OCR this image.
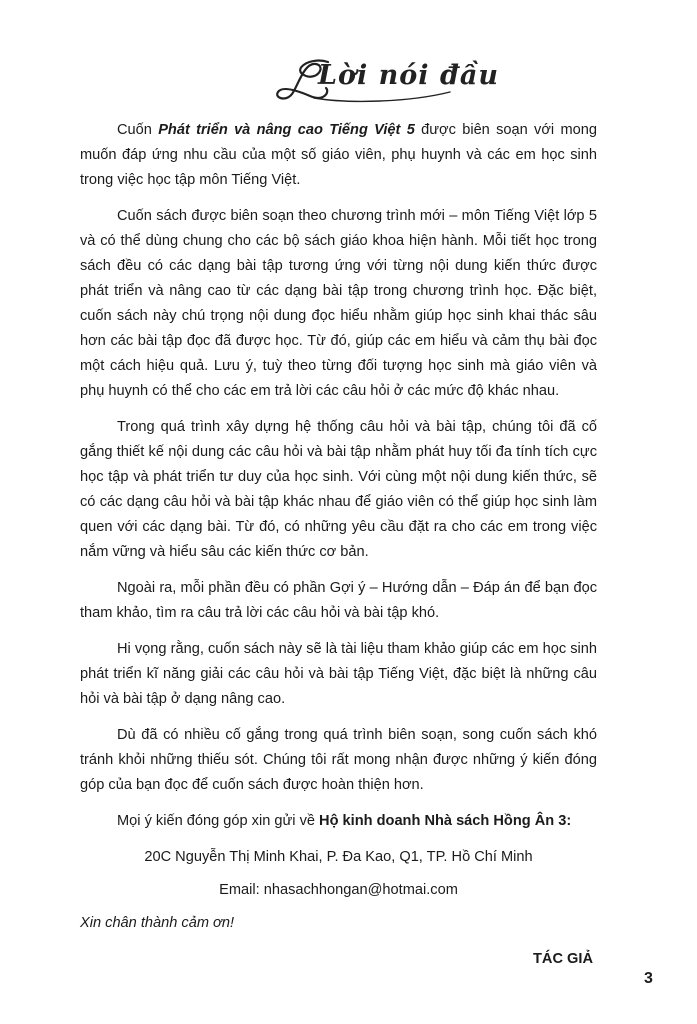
Lời nói đầu

Cuốn Phát triển và nâng cao Tiếng Việt 5 được biên soạn với mong muốn đáp ứng nhu cầu của một số giáo viên, phụ huynh và các em học sinh trong việc học tập môn Tiếng Việt.

Cuốn sách được biên soạn theo chương trình mới – môn Tiếng Việt lớp 5 và có thể dùng chung cho các bộ sách giáo khoa hiện hành. Mỗi tiết học trong sách đều có các dạng bài tập tương ứng với từng nội dung kiến thức được phát triển và nâng cao từ các dạng bài tập trong chương trình học. Đặc biệt, cuốn sách này chú trọng nội dung đọc hiểu nhằm giúp học sinh khai thác sâu hơn các bài tập đọc đã được học. Từ đó, giúp các em hiểu và cảm thụ bài đọc một cách hiệu quả. Lưu ý, tuỳ theo từng đối tượng học sinh mà giáo viên và phụ huynh có thể cho các em trả lời các câu hỏi ở các mức độ khác nhau.

Trong quá trình xây dựng hệ thống câu hỏi và bài tập, chúng tôi đã cố gắng thiết kế nội dung các câu hỏi và bài tập nhằm phát huy tối đa tính tích cực học tập và phát triển tư duy của học sinh. Với cùng một nội dung kiến thức, sẽ có các dạng câu hỏi và bài tập khác nhau để giáo viên có thể giúp học sinh làm quen với các dạng bài. Từ đó, có những yêu cầu đặt ra cho các em trong việc nắm vững và hiểu sâu các kiến thức cơ bản.

Ngoài ra, mỗi phần đều có phần Gợi ý – Hướng dẫn – Đáp án để bạn đọc tham khảo, tìm ra câu trả lời các câu hỏi và bài tập khó.

Hi vọng rằng, cuốn sách này sẽ là tài liệu tham khảo giúp các em học sinh phát triển kĩ năng giải các câu hỏi và bài tập Tiếng Việt, đặc biệt là những câu hỏi và bài tập ở dạng nâng cao.

Dù đã có nhiều cố gắng trong quá trình biên soạn, song cuốn sách khó tránh khỏi những thiếu sót. Chúng tôi rất mong nhận được những ý kiến đóng góp của bạn đọc để cuốn sách được hoàn thiện hơn.

Mọi ý kiến đóng góp xin gửi về Hộ kinh doanh Nhà sách Hồng Ân 3:

20C Nguyễn Thị Minh Khai, P. Đa Kao, Q1, TP. Hồ Chí Minh

Email: nhasachhongan@hotmai.com

Xin chân thành cảm ơn!

TÁC GIẢ

3
